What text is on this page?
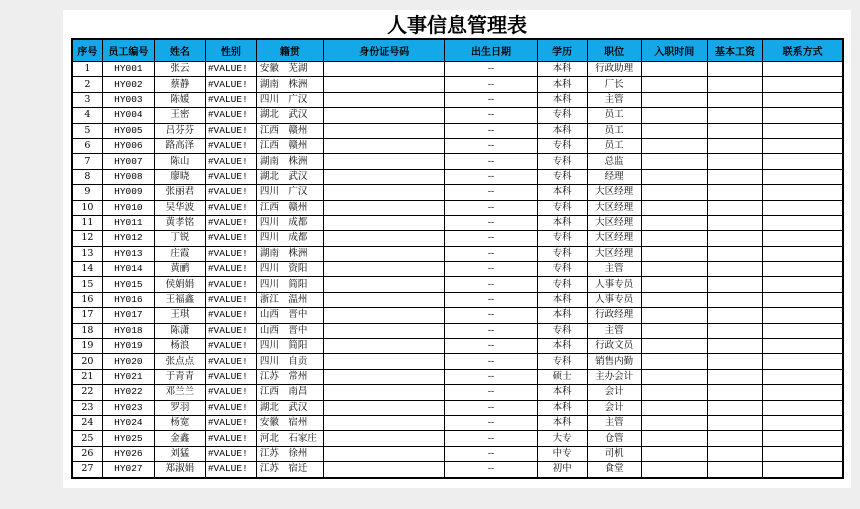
人事信息管理表
序号	员工编号	姓名	性别	籍贯	身份证号码	出生日期	学历	职位	入职时间	基本工资	联系方式
1	HY001	张云	#VALUE!	安徽　芜湖		--	本科	行政助理			
2	HY002	蔡静	#VALUE!	湖南　株洲		--	本科	厂长			
3	HY003	陈媛	#VALUE!	四川　广汉		--	本科	主管			
4	HY004	王密	#VALUE!	湖北　武汉		--	专科	员工			
5	HY005	吕芬芬	#VALUE!	江西　赣州		--	本科	员工			
6	HY006	路高泽	#VALUE!	江西　赣州		--	专科	员工			
7	HY007	陈山	#VALUE!	湖南　株洲		--	专科	总监			
8	HY008	廖晓	#VALUE!	湖北　武汉		--	专科	经理			
9	HY009	张丽君	#VALUE!	四川　广汉		--	本科	大区经理			
10	HY010	吴华波	#VALUE!	江西　赣州		--	专科	大区经理			
11	HY011	黄孝铭	#VALUE!	四川　成都		--	本科	大区经理			
12	HY012	丁锐	#VALUE!	四川　成都		--	专科	大区经理			
13	HY013	庄霞	#VALUE!	湖南　株洲		--	专科	大区经理			
14	HY014	黄鹂	#VALUE!	四川　资阳		--	专科	主管			
15	HY015	侯娟娟	#VALUE!	四川　简阳		--	专科	人事专员			
16	HY016	王福鑫	#VALUE!	浙江　温州		--	本科	人事专员			
17	HY017	王琪	#VALUE!	山西　晋中		--	本科	行政经理			
18	HY018	陈潇	#VALUE!	山西　晋中		--	专科	主管			
19	HY019	杨浪	#VALUE!	四川　简阳		--	本科	行政文员			
20	HY020	张点点	#VALUE!	四川　自贡		--	专科	销售内勤			
21	HY021	于青青	#VALUE!	江苏　常州		--	硕士	主办会计			
22	HY022	邓兰兰	#VALUE!	江西　南昌		--	本科	会计			
23	HY023	罗羽	#VALUE!	湖北　武汉		--	本科	会计			
24	HY024	杨宽	#VALUE!	安徽　宿州		--	本科	主管			
25	HY025	金鑫	#VALUE!	河北　石家庄		--	大专	仓管			
26	HY026	刘猛	#VALUE!	江苏　徐州		--	中专	司机			
27	HY027	郑淑娟	#VALUE!	江苏　宿迁		--	初中	食堂			
